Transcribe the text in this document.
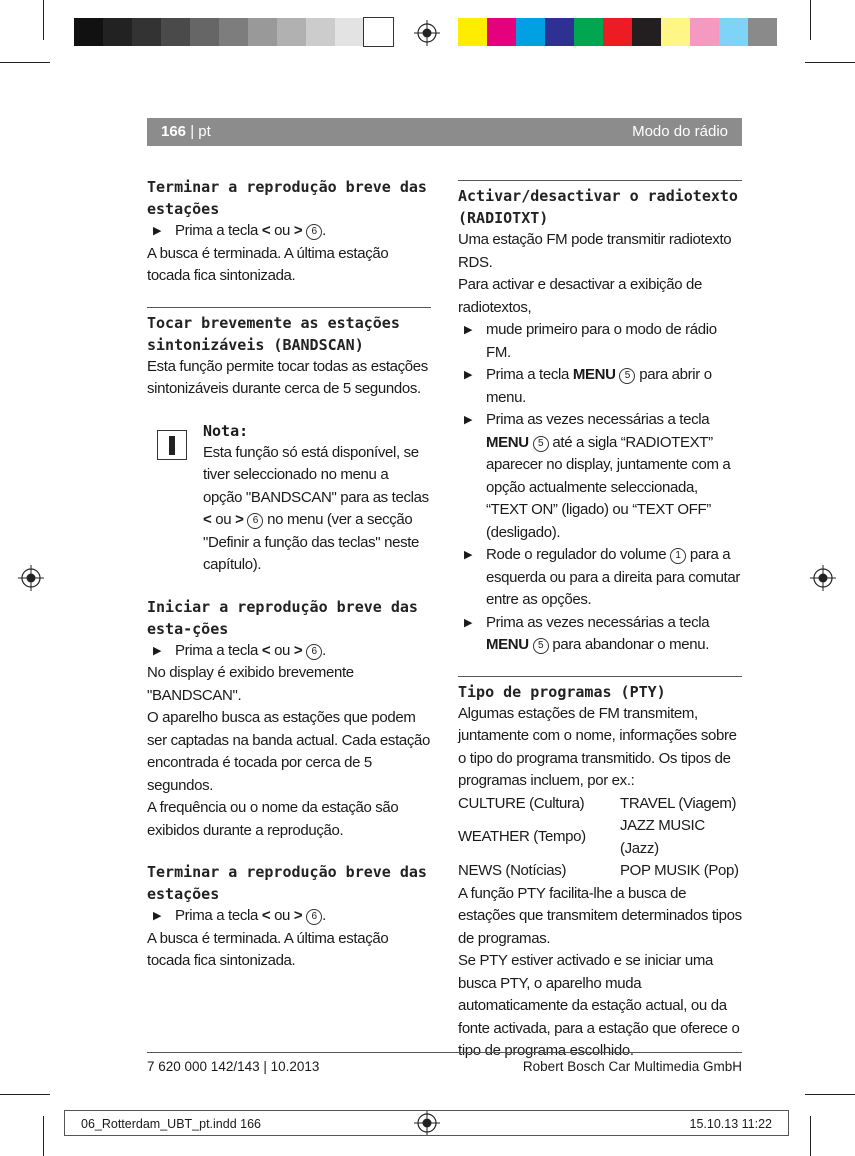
166 | pt	Modo do rádio

Terminar a reprodução breve das estações

▶ Prima a tecla < ou > 6 .

A busca é terminada. A última estação tocada fica sintonizada.

Tocar brevemente as estações sintonizáveis (BANDSCAN)

Esta função permite tocar todas as estações sintonizáveis durante cerca de 5 segundos.

Nota:

Esta função só está disponível, se tiver seleccionado no menu a opção "BANDSCAN" para as teclas < ou > 6 no menu (ver a secção "Definir a função das teclas" neste capítulo).

Iniciar a reprodução breve das esta-ções

▶ Prima a tecla < ou > 6 .

No display é exibido brevemente "BANDSCAN".

O aparelho busca as estações que podem ser captadas na banda actual. Cada estação encontrada é tocada por cerca de 5 segundos.

A frequência ou o nome da estação são exibidos durante a reprodução.

Terminar a reprodução breve das estações

▶ Prima a tecla < ou > 6 .

A busca é terminada. A última estação tocada fica sintonizada.

Activar/desactivar o radiotexto (RADIOTXT)

Uma estação FM pode transmitir radiotexto RDS.

Para activar e desactivar a exibição de radiotextos,

▶ mude primeiro para o modo de rádio FM.
▶ Prima a tecla MENU 5 para abrir o menu.
▶ Prima as vezes necessárias a tecla MENU 5 até a sigla “RADIOTEXT” aparecer no display, juntamente com a opção actualmente seleccionada, “TEXT ON” (ligado) ou “TEXT OFF” (desligado).
▶ Rode o regulador do volume 1 para a esquerda ou para a direita para comutar entre as opções.
▶ Prima as vezes necessárias a tecla MENU 5 para abandonar o menu.

Tipo de programas (PTY)

Algumas estações de FM transmitem, juntamente com o nome, informações sobre o tipo do programa transmitido. Os tipos de programas incluem, por ex.:

CULTURE (Cultura)	TRAVEL (Viagem)
WEATHER (Tempo)	JAZZ MUSIC (Jazz)
NEWS (Notícias)	POP MUSIK (Pop)

A função PTY facilita-lhe a busca de estações que transmitem determinados tipos de programas.

Se PTY estiver activado e se iniciar uma busca PTY, o aparelho muda automaticamente da estação actual, ou da fonte activada, para a estação que oferece o tipo de programa escolhido.

7 620 000 142/143 | 10.2013	Robert Bosch Car Multimedia GmbH
06_Rotterdam_UBT_pt.indd 166	15.10.13 11:22
